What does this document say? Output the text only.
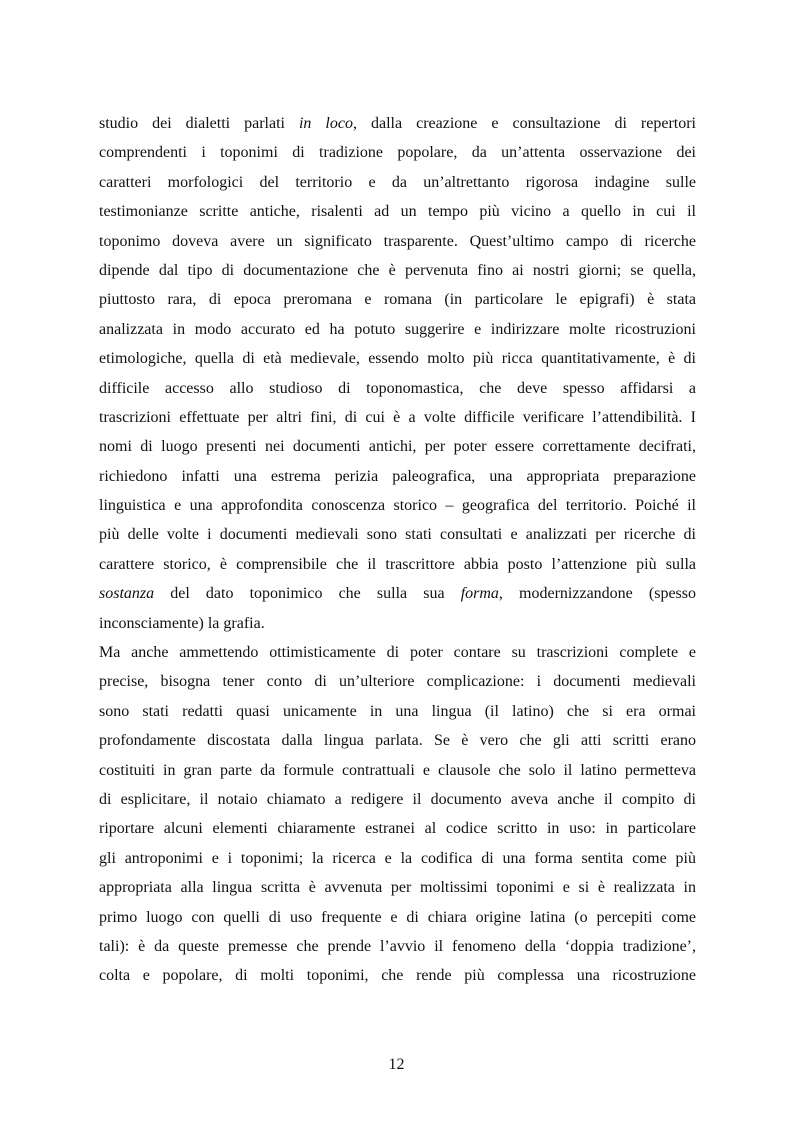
studio dei dialetti parlati in loco, dalla creazione e consultazione di repertori
comprendenti i toponimi di tradizione popolare, da un’attenta osservazione dei
caratteri morfologici del territorio e da un’altrettanto rigorosa indagine sulle
testimonianze scritte antiche, risalenti ad un tempo più vicino a quello in cui il
toponimo doveva avere un significato trasparente. Quest’ultimo campo di ricerche
dipende dal tipo di documentazione che è pervenuta fino ai nostri giorni; se quella,
piuttosto rara, di epoca preromana e romana (in particolare le epigrafi) è stata
analizzata in modo accurato ed ha potuto suggerire e indirizzare molte ricostruzioni
etimologiche, quella di età medievale, essendo molto più ricca quantitativamente, è di
difficile accesso allo studioso di toponomastica, che deve spesso affidarsi a
trascrizioni effettuate per altri fini, di cui è a volte difficile verificare l’attendibilità. I
nomi di luogo presenti nei documenti antichi, per poter essere correttamente decifrati,
richiedono infatti una estrema perizia paleografica, una appropriata preparazione
linguistica e una approfondita conoscenza storico – geografica del territorio. Poiché il
più delle volte i documenti medievali sono stati consultati e analizzati per ricerche di
carattere storico, è comprensibile che il trascrittore abbia posto l’attenzione più sulla
sostanza del dato toponimico che sulla sua forma, modernizzandone (spesso
inconsciamente) la grafia.
Ma anche ammettendo ottimisticamente di poter contare su trascrizioni complete e
precise, bisogna tener conto di un’ulteriore complicazione: i documenti medievali
sono stati redatti quasi unicamente in una lingua (il latino) che si era ormai
profondamente discostata dalla lingua parlata. Se è vero che gli atti scritti erano
costituiti in gran parte da formule contrattuali e clausole che solo il latino permetteva
di esplicitare, il notaio chiamato a redigere il documento aveva anche il compito di
riportare alcuni elementi chiaramente estranei al codice scritto in uso: in particolare
gli antroponimi e i toponimi; la ricerca e la codifica di una forma sentita come più
appropriata alla lingua scritta è avvenuta per moltissimi toponimi e si è realizzata in
primo luogo con quelli di uso frequente e di chiara origine latina (o percepiti come
tali): è da queste premesse che prende l’avvio il fenomeno della ‘doppia tradizione’,
colta e popolare, di molti toponimi, che rende più complessa una ricostruzione
12
